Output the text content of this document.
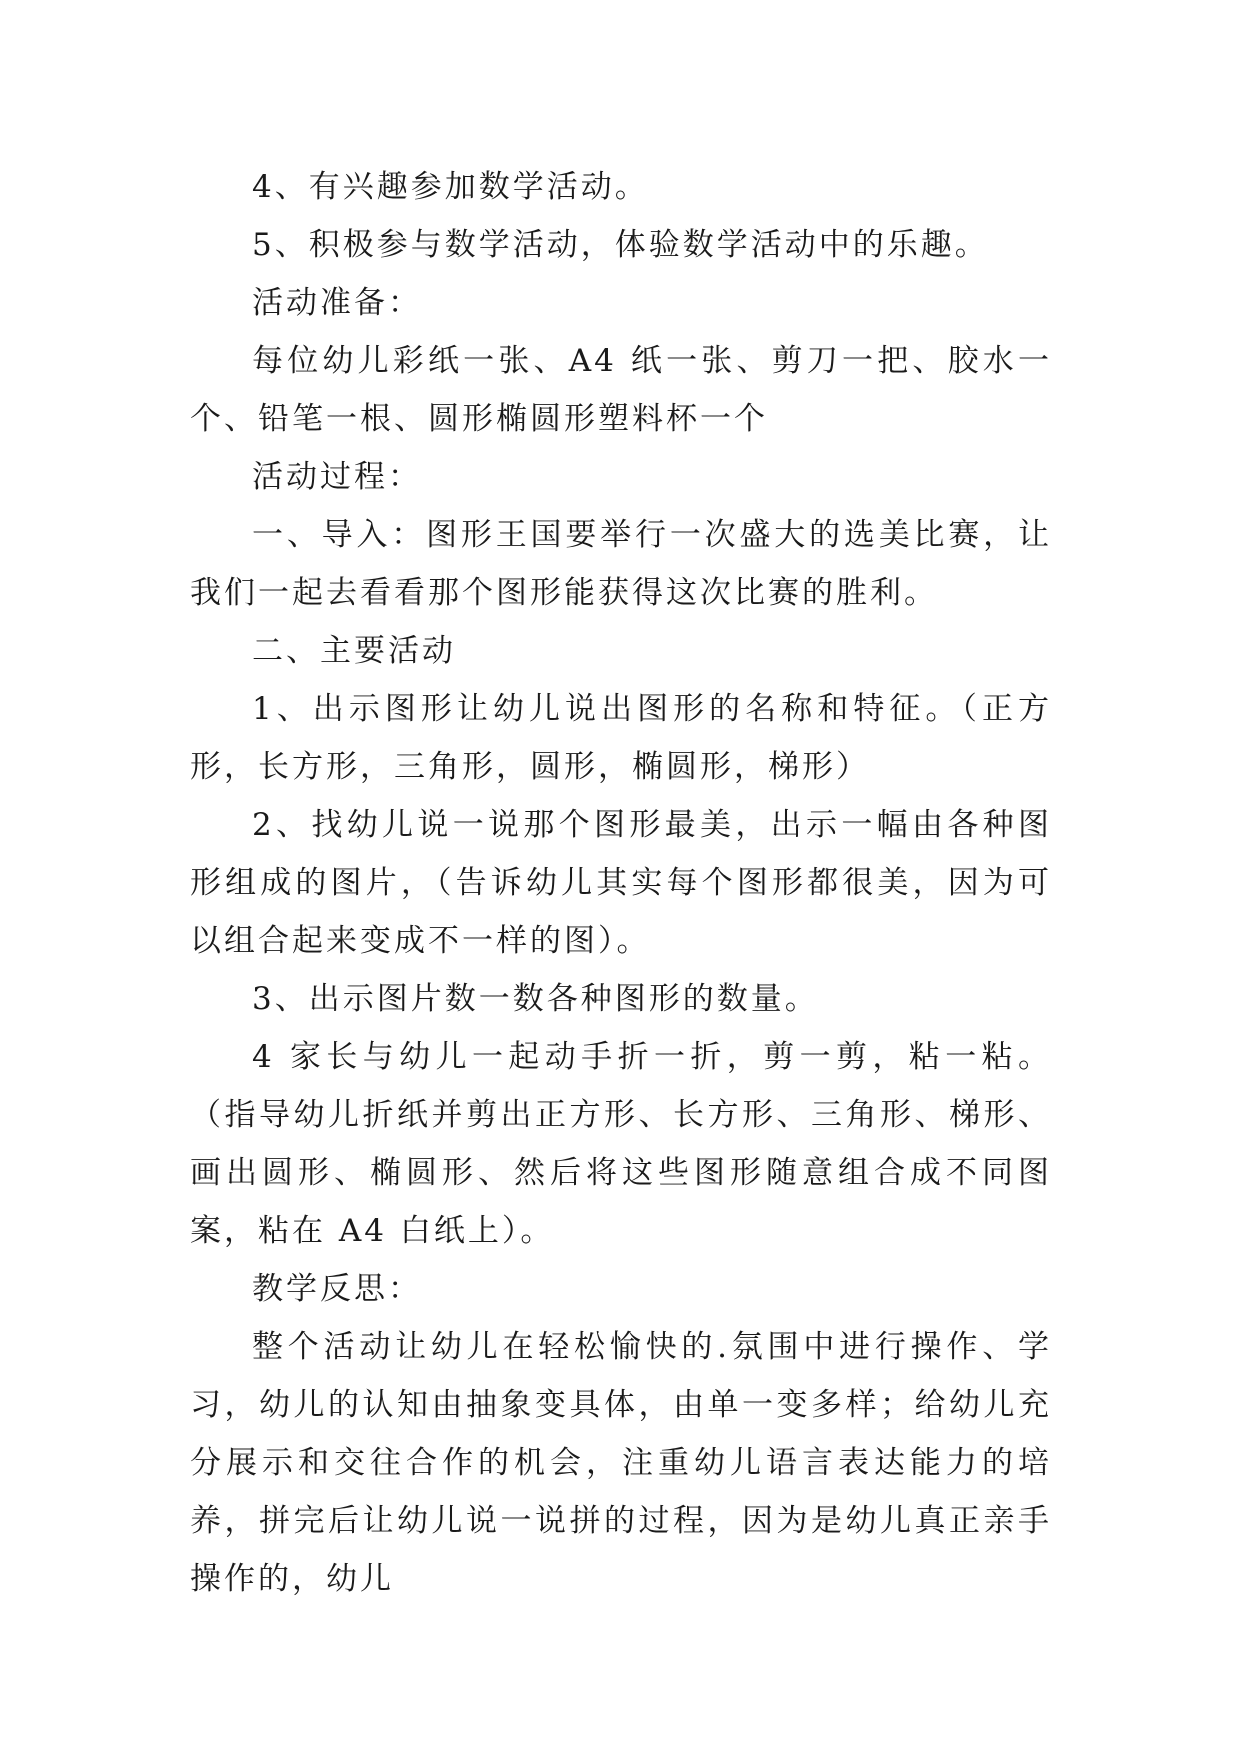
4、有兴趣参加数学活动。

5、积极参与数学活动，体验数学活动中的乐趣。

活动准备：

每位幼儿彩纸一张、A4 纸一张、剪刀一把、胶水一个、铅笔一根、圆形椭圆形塑料杯一个

活动过程：

一、导入：图形王国要举行一次盛大的选美比赛，让我们一起去看看那个图形能获得这次比赛的胜利。

二、主要活动

1、出示图形让幼儿说出图形的名称和特征。（正方形，长方形，三角形，圆形，椭圆形，梯形）

2、找幼儿说一说那个图形最美，出示一幅由各种图形组成的图片，（告诉幼儿其实每个图形都很美，因为可以组合起来变成不一样的图）。

3、出示图片数一数各种图形的数量。

4 家长与幼儿一起动手折一折，剪一剪，粘一粘。（指导幼儿折纸并剪出正方形、长方形、三角形、梯形、画出圆形、椭圆形、然后将这些图形随意组合成不同图案，粘在 A4 白纸上）。

教学反思：

整个活动让幼儿在轻松愉快的.氛围中进行操作、学习，幼儿的认知由抽象变具体，由单一变多样；给幼儿充分展示和交往合作的机会，注重幼儿语言表达能力的培养，拼完后让幼儿说一说拼的过程，因为是幼儿真正亲手操作的，幼儿
